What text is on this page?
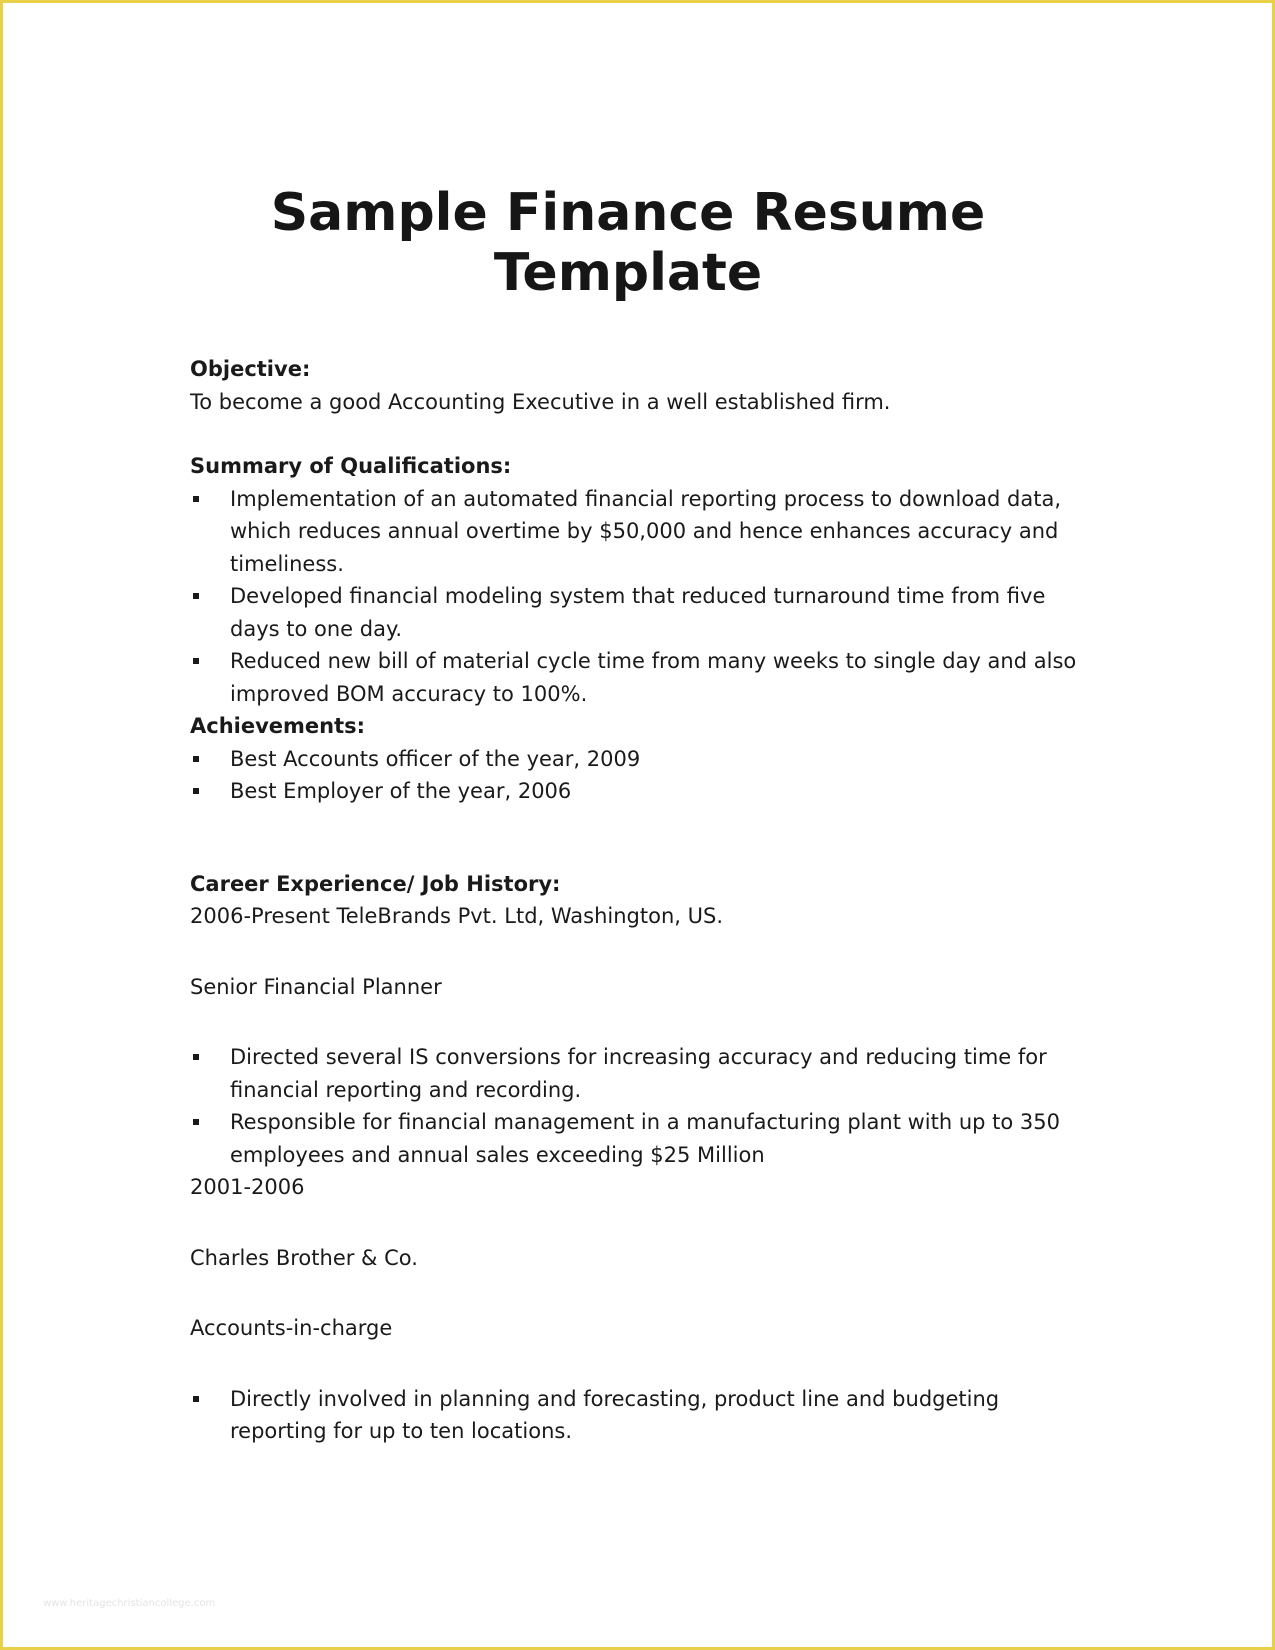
Sample Finance Resume
Template
Objective:
To become a good Accounting Executive in a well established firm.
Summary of Qualifications:
Implementation of an automated financial reporting process to download data, which reduces annual overtime by $50,000 and hence enhances accuracy and timeliness.
Developed financial modeling system that reduced turnaround time from five days to one day.
Reduced new bill of material cycle time from many weeks to single day and also improved BOM accuracy to 100%.
Achievements:
Best Accounts officer of the year, 2009
Best Employer of the year, 2006
Career Experience/ Job History:
2006-Present TeleBrands Pvt. Ltd, Washington, US.
Senior Financial Planner
Directed several IS conversions for increasing accuracy and reducing time for financial reporting and recording.
Responsible for financial management in a manufacturing plant with up to 350 employees and annual sales exceeding $25 Million
2001-2006
Charles Brother & Co.
Accounts-in-charge
Directly involved in planning and forecasting, product line and budgeting reporting for up to ten locations.
www.heritagechristiancollege.com
